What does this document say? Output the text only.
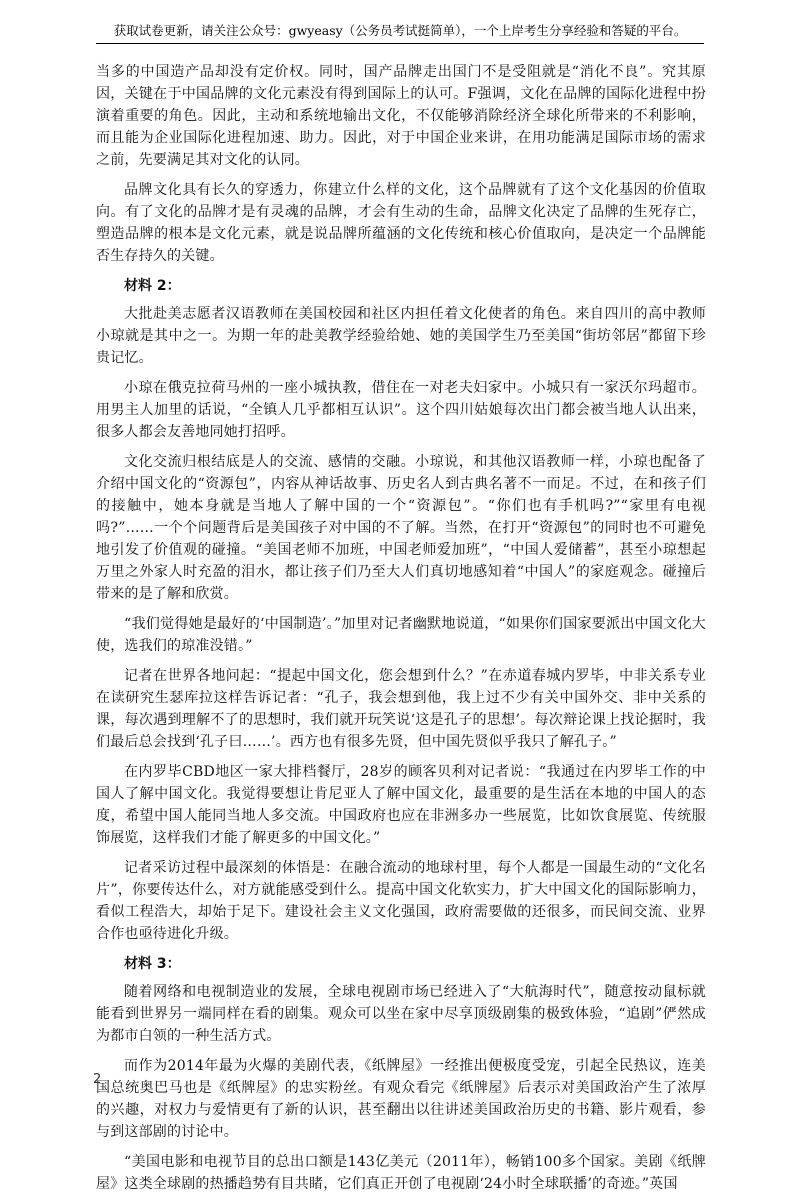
获取试卷更新，请关注公众号：gwyeasy（公务员考试挺简单），一个上岸考生分享经验和答疑的平台。

当多的中国造产品却没有定价权。同时，国产品牌走出国门不是受阻就是“消化不良”。究其原因，关键在于中国品牌的文化元素没有得到国际上的认可。F强调，文化在品牌的国际化进程中扮演着重要的角色。因此，主动和系统地输出文化，不仅能够消除经济全球化所带来的不利影响，而且能为企业国际化进程加速、助力。因此，对于中国企业来讲，在用功能满足国际市场的需求之前，先要满足其对文化的认同。

品牌文化具有长久的穿透力，你建立什么样的文化，这个品牌就有了这个文化基因的价值取向。有了文化的品牌才是有灵魂的品牌，才会有生动的生命，品牌文化决定了品牌的生死存亡，塑造品牌的根本是文化元素，就是说品牌所蕴涵的文化传统和核心价值取向，是决定一个品牌能否生存持久的关键。

材料 2：

大批赴美志愿者汉语教师在美国校园和社区内担任着文化使者的角色。来自四川的高中教师小琼就是其中之一。为期一年的赴美教学经验给她、她的美国学生乃至美国“街坊邻居”都留下珍贵记忆。

小琼在俄克拉荷马州的一座小城执教，借住在一对老夫妇家中。小城只有一家沃尔玛超市。用男主人加里的话说，“全镇人几乎都相互认识”。这个四川姑娘每次出门都会被当地人认出来，很多人都会友善地同她打招呼。

文化交流归根结底是人的交流、感情的交融。小琼说，和其他汉语教师一样，小琼也配备了介绍中国文化的“资源包”，内容从神话故事、历史名人到古典名著不一而足。不过，在和孩子们的接触中，她本身就是当地人了解中国的一个“资源包”。“你们也有手机吗?”“家里有电视吗?”……一个个问题背后是美国孩子对中国的不了解。当然，在打开“资源包”的同时也不可避免地引发了价值观的碰撞。“美国老师不加班，中国老师爱加班”，“中国人爱储蓄”，甚至小琼想起万里之外家人时充盈的泪水，都让孩子们乃至大人们真切地感知着“中国人”的家庭观念。碰撞后带来的是了解和欣赏。

“我们觉得她是最好的‘中国制造’。”加里对记者幽默地说道，“如果你们国家要派出中国文化大使，选我们的琼准没错。”

记者在世界各地问起：“提起中国文化，您会想到什么？”在赤道春城内罗毕，中非关系专业在读研究生瑟库拉这样告诉记者：“孔子，我会想到他，我上过不少有关中国外交、非中关系的课，每次遇到理解不了的思想时，我们就开玩笑说‘这是孔子的思想’。每次辩论课上找论据时，我们最后总会找到‘孔子曰……’。西方也有很多先贤，但中国先贤似乎我只了解孔子。”

在内罗毕CBD地区一家大排档餐厅，28岁的顾客贝利对记者说：“我通过在内罗毕工作的中国人了解中国文化。我觉得要想让肯尼亚人了解中国文化，最重要的是生活在本地的中国人的态度，希望中国人能同当地人多交流。中国政府也应在非洲多办一些展览，比如饮食展览、传统服饰展览，这样我们才能了解更多的中国文化。”

记者采访过程中最深刻的体悟是：在融合流动的地球村里，每个人都是一国最生动的“文化名片”，你要传达什么，对方就能感受到什么。提高中国文化软实力，扩大中国文化的国际影响力，看似工程浩大，却始于足下。建设社会主义文化强国，政府需要做的还很多，而民间交流、业界合作也亟待进化升级。

材料 3：

随着网络和电视制造业的发展，全球电视剧市场已经进入了“大航海时代”，随意按动鼠标就能看到世界另一端同样在看的剧集。观众可以坐在家中尽享顶级剧集的极致体验，“追剧”俨然成为都市白领的一种生活方式。

而作为2014年最为火爆的美剧代表，《纸牌屋》一经推出便极度受宠，引起全民热议，连美国总统奥巴马也是《纸牌屋》的忠实粉丝。有观众看完《纸牌屋》后表示对美国政治产生了浓厚的兴趣，对权力与爱情更有了新的认识，甚至翻出以往讲述美国政治历史的书籍、影片观看，参与到这部剧的讨论中。

“美国电影和电视节目的总出口额是143亿美元（2011年），畅销100多个国家。美剧《纸牌屋》这类全球剧的热播趋势有目共睹，它们真正开创了电视剧‘24小时全球联播’的奇迹。”英国

2
